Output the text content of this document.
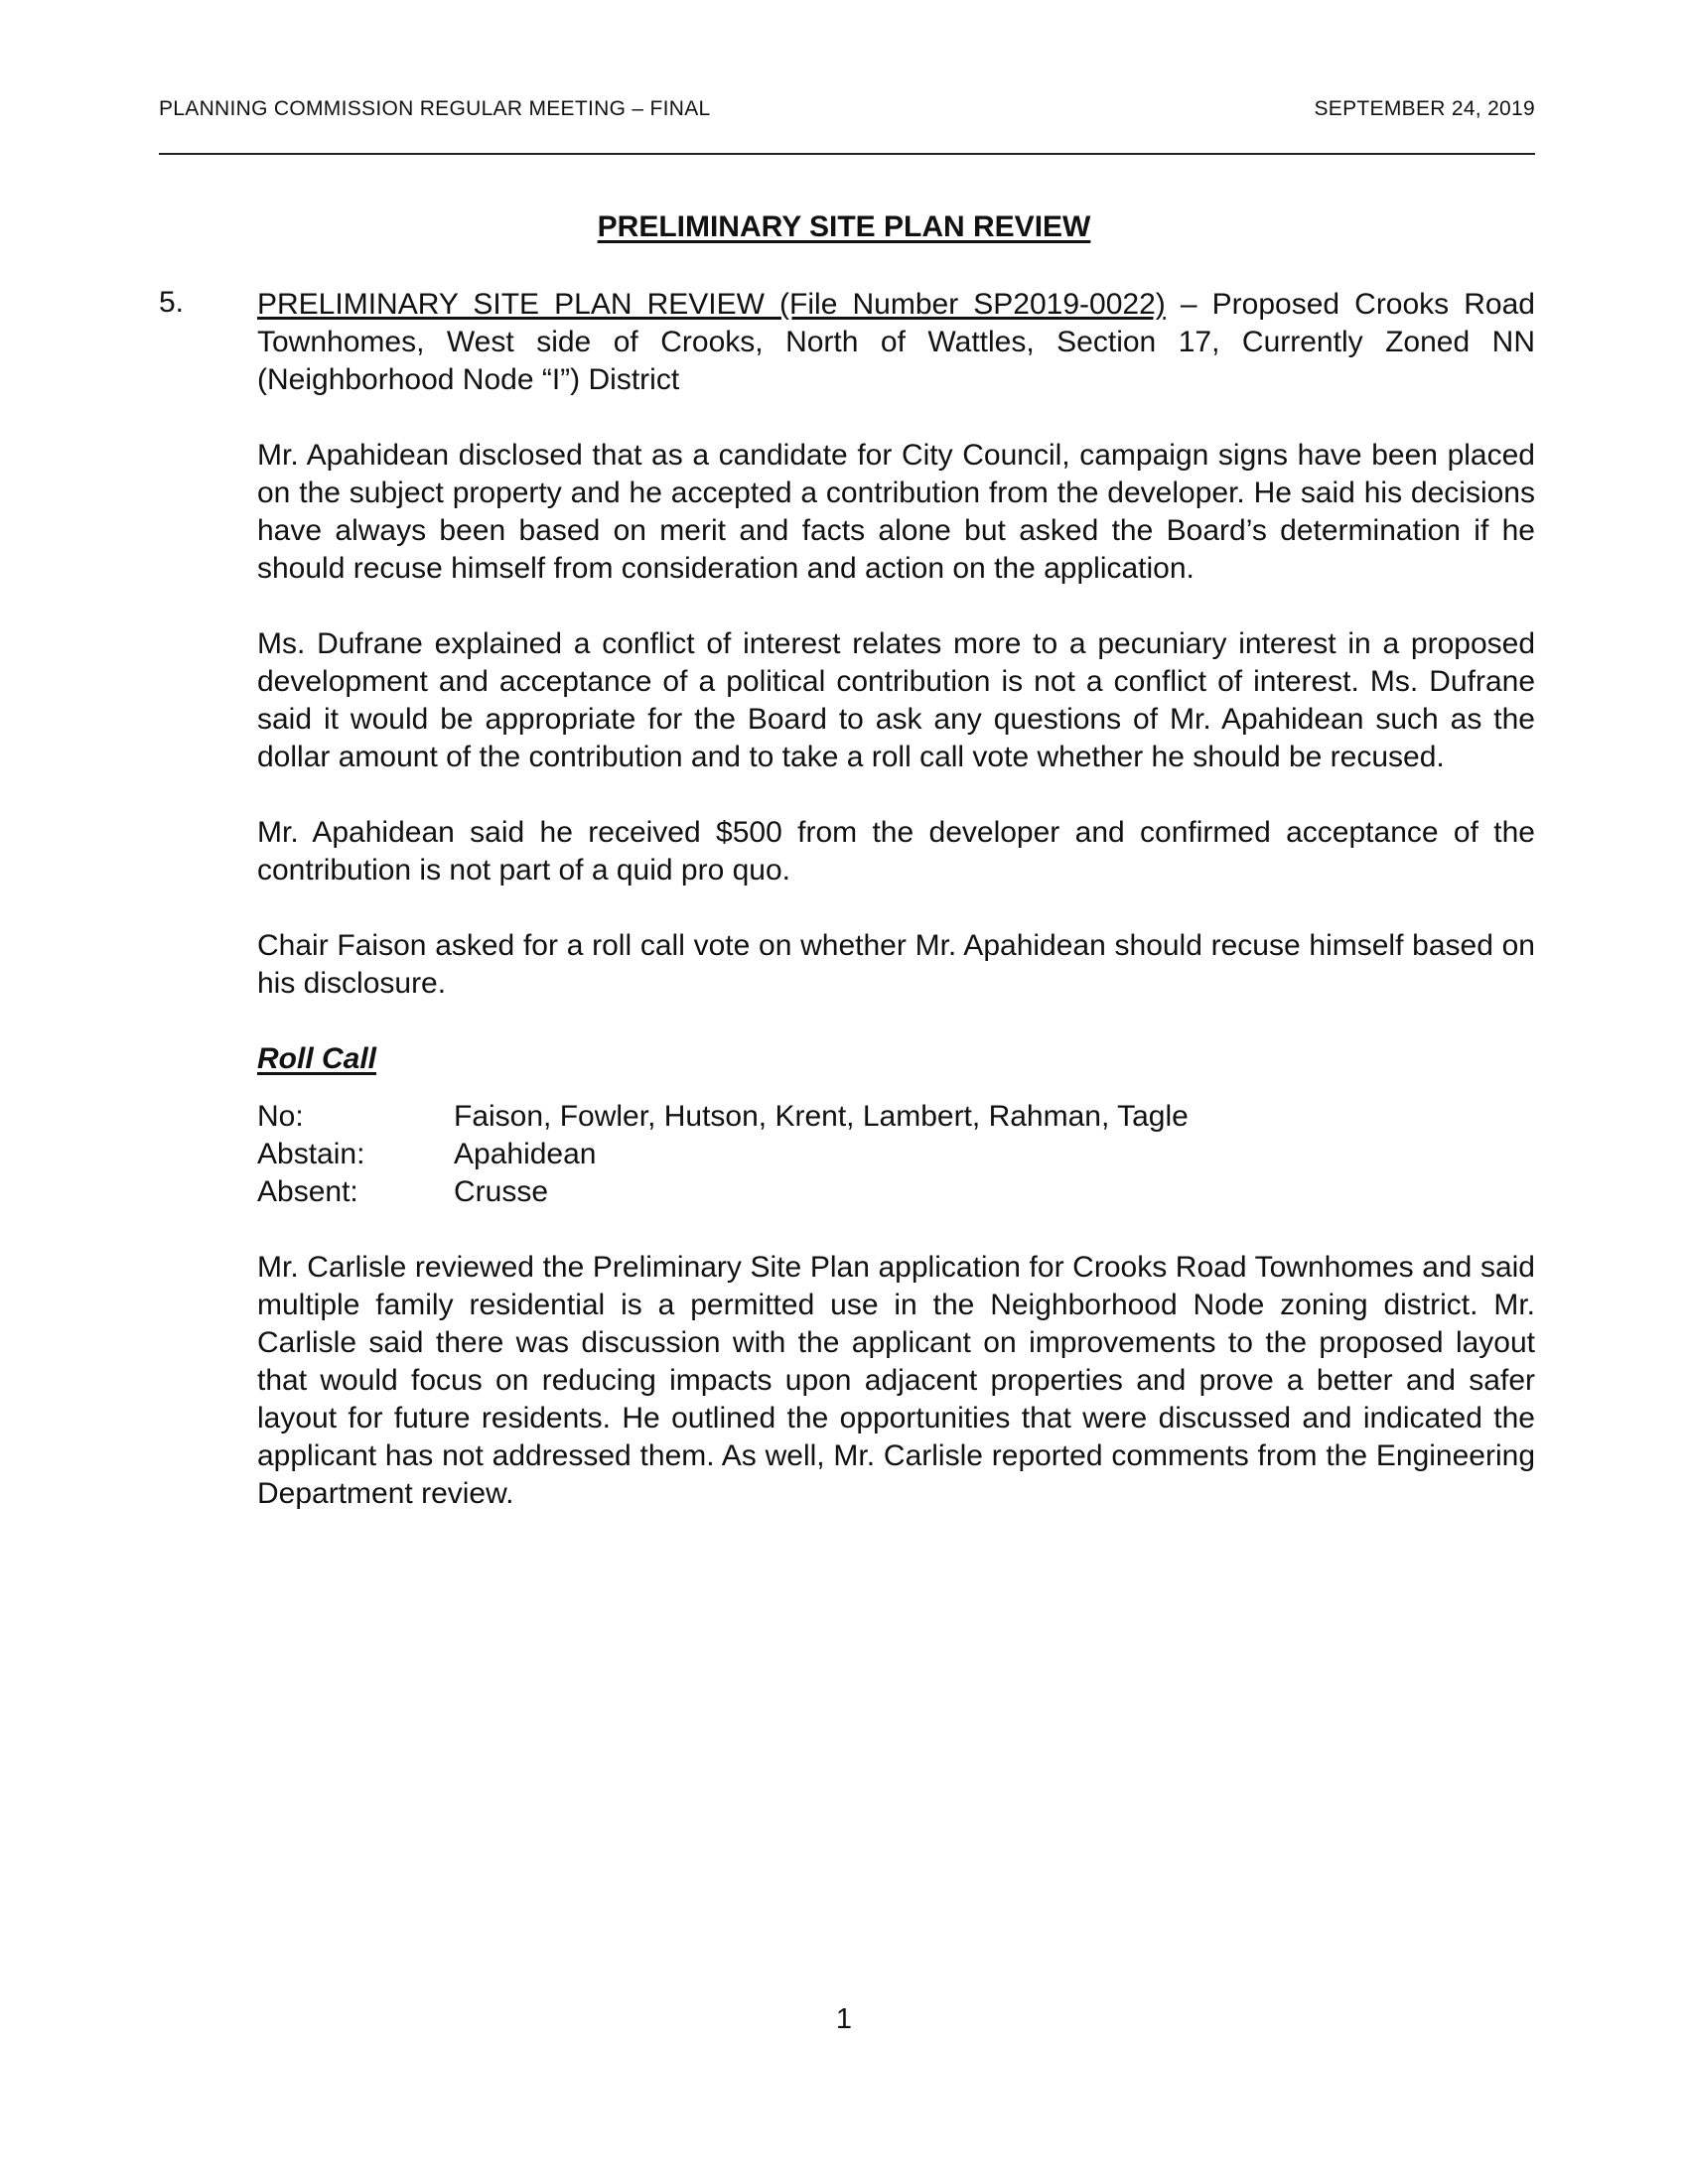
PLANNING COMMISSION REGULAR MEETING – FINAL	SEPTEMBER 24, 2019
PRELIMINARY SITE PLAN REVIEW
5. PRELIMINARY SITE PLAN REVIEW (File Number SP2019-0022) – Proposed Crooks Road Townhomes, West side of Crooks, North of Wattles, Section 17, Currently Zoned NN (Neighborhood Node “I”) District

Mr. Apahidean disclosed that as a candidate for City Council, campaign signs have been placed on the subject property and he accepted a contribution from the developer. He said his decisions have always been based on merit and facts alone but asked the Board’s determination if he should recuse himself from consideration and action on the application.

Ms. Dufrane explained a conflict of interest relates more to a pecuniary interest in a proposed development and acceptance of a political contribution is not a conflict of interest. Ms. Dufrane said it would be appropriate for the Board to ask any questions of Mr. Apahidean such as the dollar amount of the contribution and to take a roll call vote whether he should be recused.

Mr. Apahidean said he received $500 from the developer and confirmed acceptance of the contribution is not part of a quid pro quo.

Chair Faison asked for a roll call vote on whether Mr. Apahidean should recuse himself based on his disclosure.

Roll Call
No:	Faison, Fowler, Hutson, Krent, Lambert, Rahman, Tagle
Abstain:	Apahidean
Absent:	Crusse

Mr. Carlisle reviewed the Preliminary Site Plan application for Crooks Road Townhomes and said multiple family residential is a permitted use in the Neighborhood Node zoning district. Mr. Carlisle said there was discussion with the applicant on improvements to the proposed layout that would focus on reducing impacts upon adjacent properties and prove a better and safer layout for future residents. He outlined the opportunities that were discussed and indicated the applicant has not addressed them. As well, Mr. Carlisle reported comments from the Engineering Department review.

1
